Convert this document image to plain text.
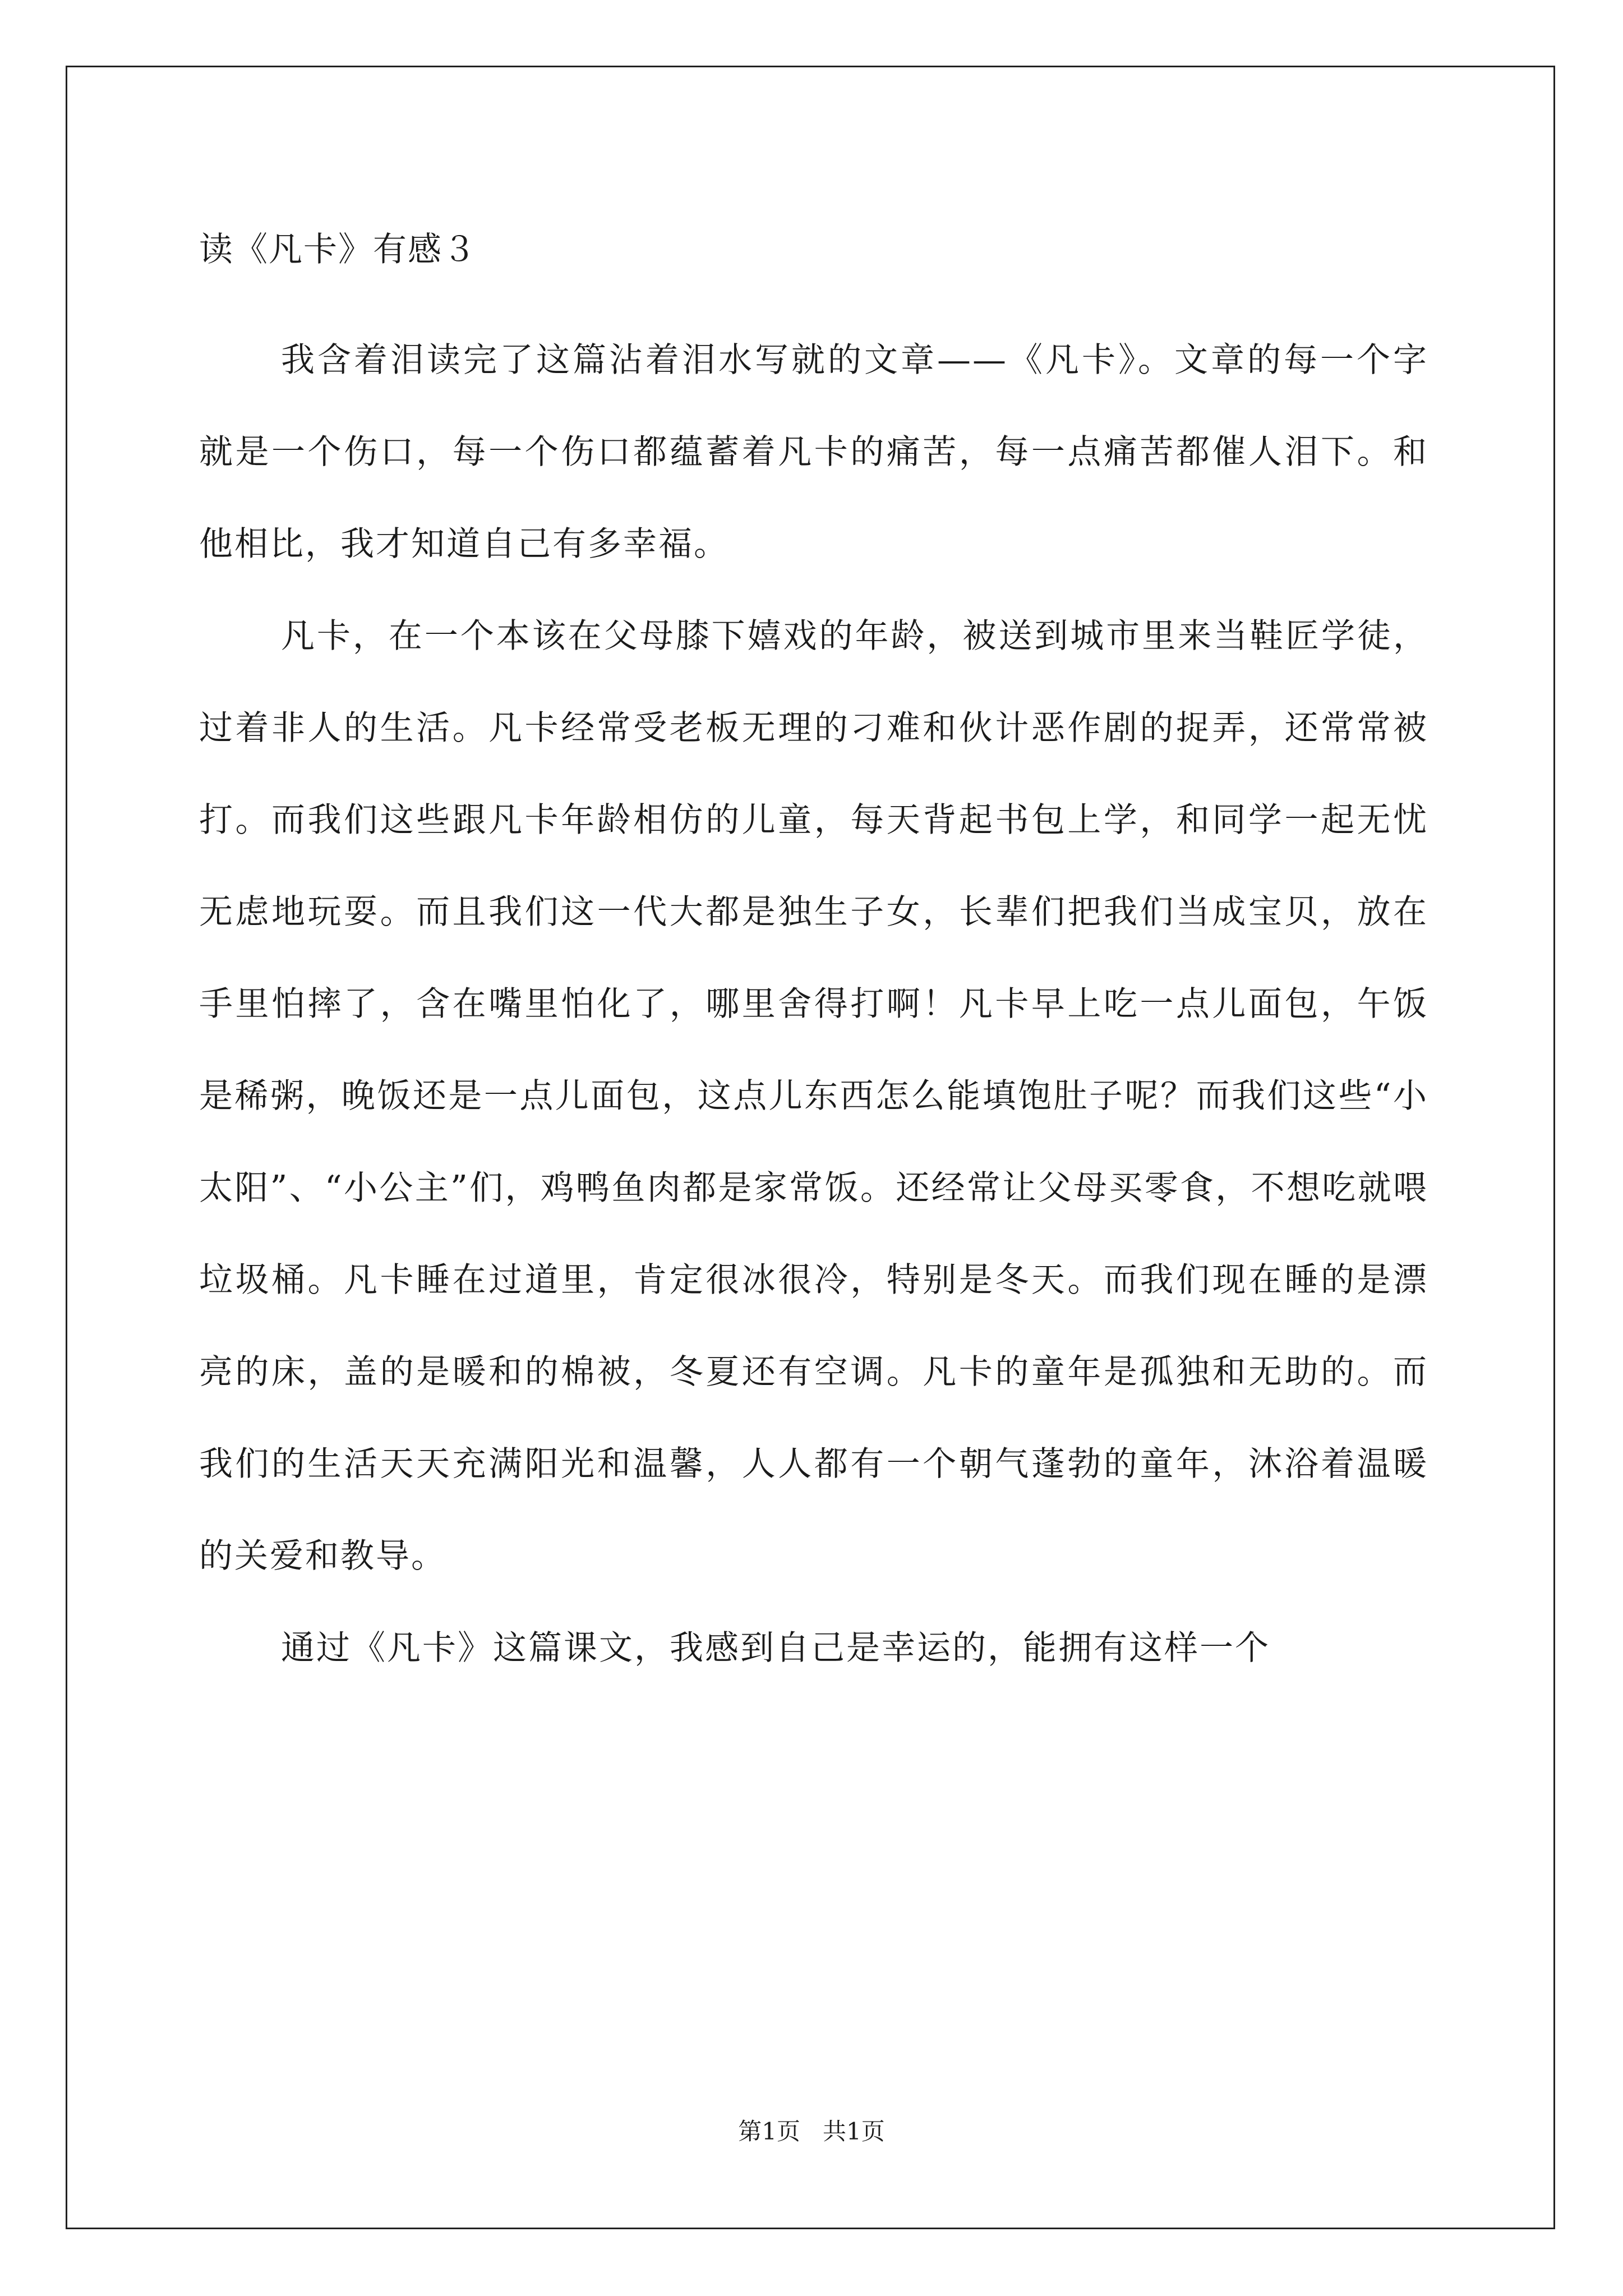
读《凡卡》有感３

我含着泪读完了这篇沾着泪水写就的文章——《凡卡》。文章的每一个字就是一个伤口，每一个伤口都蕴蓄着凡卡的痛苦，每一点痛苦都催人泪下。和他相比，我才知道自己有多幸福。

凡卡，在一个本该在父母膝下嬉戏的年龄，被送到城市里来当鞋匠学徒，过着非人的生活。凡卡经常受老板无理的刁难和伙计恶作剧的捉弄，还常常被打。而我们这些跟凡卡年龄相仿的儿童，每天背起书包上学，和同学一起无忧无虑地玩耍。而且我们这一代大都是独生子女，长辈们把我们当成宝贝，放在手里怕摔了，含在嘴里怕化了，哪里舍得打啊！凡卡早上吃一点儿面包，午饭是稀粥，晚饭还是一点儿面包，这点儿东西怎么能填饱肚子呢？而我们这些“小太阳”、“小公主”们，鸡鸭鱼肉都是家常饭。还经常让父母买零食，不想吃就喂垃圾桶。凡卡睡在过道里，肯定很冰很冷，特别是冬天。而我们现在睡的是漂亮的床，盖的是暖和的棉被，冬夏还有空调。凡卡的童年是孤独和无助的。而我们的生活天天充满阳光和温馨，人人都有一个朝气蓬勃的童年，沐浴着温暖的关爱和教导。

通过《凡卡》这篇课文，我感到自己是幸运的，能拥有这样一个

第1页   共1页
